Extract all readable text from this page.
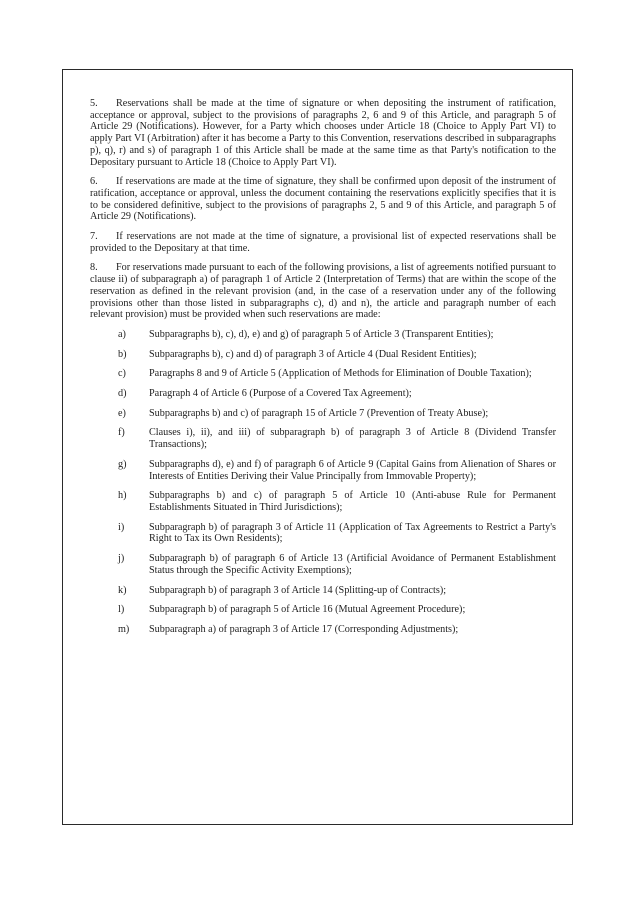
5. Reservations shall be made at the time of signature or when depositing the instrument of ratification, acceptance or approval, subject to the provisions of paragraphs 2, 6 and 9 of this Article, and paragraph 5 of Article 29 (Notifications). However, for a Party which chooses under Article 18 (Choice to Apply Part VI) to apply Part VI (Arbitration) after it has become a Party to this Convention, reservations described in subparagraphs p), q), r) and s) of paragraph 1 of this Article shall be made at the same time as that Party's notification to the Depositary pursuant to Article 18 (Choice to Apply Part VI).

6. If reservations are made at the time of signature, they shall be confirmed upon deposit of the instrument of ratification, acceptance or approval, unless the document containing the reservations explicitly specifies that it is to be considered definitive, subject to the provisions of paragraphs 2, 5 and 9 of this Article, and paragraph 5 of Article 29 (Notifications).

7. If reservations are not made at the time of signature, a provisional list of expected reservations shall be provided to the Depositary at that time.

8. For reservations made pursuant to each of the following provisions, a list of agreements notified pursuant to clause ii) of subparagraph a) of paragraph 1 of Article 2 (Interpretation of Terms) that are within the scope of the reservation as defined in the relevant provision (and, in the case of a reservation under any of the following provisions other than those listed in subparagraphs c), d) and n), the article and paragraph number of each relevant provision) must be provided when such reservations are made:

a) Subparagraphs b), c), d), e) and g) of paragraph 5 of Article 3 (Transparent Entities);
b) Subparagraphs b), c) and d) of paragraph 3 of Article 4 (Dual Resident Entities);
c) Paragraphs 8 and 9 of Article 5 (Application of Methods for Elimination of Double Taxation);
d) Paragraph 4 of Article 6 (Purpose of a Covered Tax Agreement);
e) Subparagraphs b) and c) of paragraph 15 of Article 7 (Prevention of Treaty Abuse);
f) Clauses i), ii), and iii) of subparagraph b) of paragraph 3 of Article 8 (Dividend Transfer Transactions);
g) Subparagraphs d), e) and f) of paragraph 6 of Article 9 (Capital Gains from Alienation of Shares or Interests of Entities Deriving their Value Principally from Immovable Property);
h) Subparagraphs b) and c) of paragraph 5 of Article 10 (Anti-abuse Rule for Permanent Establishments Situated in Third Jurisdictions);
i) Subparagraph b) of paragraph 3 of Article 11 (Application of Tax Agreements to Restrict a Party's Right to Tax its Own Residents);
j) Subparagraph b) of paragraph 6 of Article 13 (Artificial Avoidance of Permanent Establishment Status through the Specific Activity Exemptions);
k) Subparagraph b) of paragraph 3 of Article 14 (Splitting-up of Contracts);
l) Subparagraph b) of paragraph 5 of Article 16 (Mutual Agreement Procedure);
m) Subparagraph a) of paragraph 3 of Article 17 (Corresponding Adjustments);
